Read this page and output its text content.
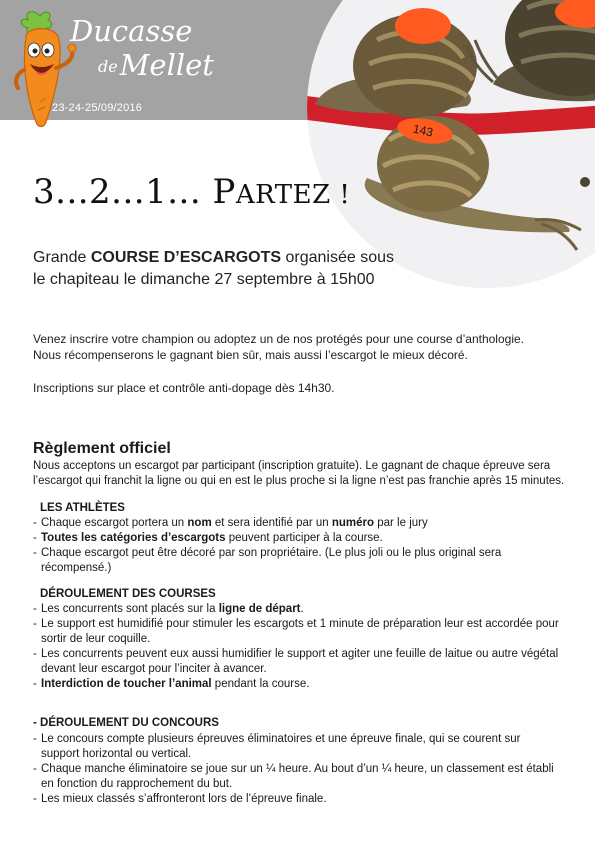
Ducasse
deMellet
23-24-25/09/2016
143
3...2...1... PARTEZ !

Grande COURSE D’ESCARGOTS organisée sous
le chapiteau le dimanche 27 septembre à 15h00

Venez inscrire votre champion ou adoptez un de nos protégés pour une course d’anthologie.
Nous récompenserons le gagnant bien sûr, mais aussi l’escargot le mieux décoré.

Inscriptions sur place et contrôle anti-dopage dès 14h30.

Règlement officiel

Nous acceptons un escargot par participant (inscription gratuite). Le gagnant de chaque épreuve sera
l’escargot qui franchit la ligne ou qui en est le plus proche si la ligne n’est pas franchie après 15 minutes.

LES ATHLÈTES
- Chaque escargot portera un nom et sera identifié par un numéro par le jury
- Toutes les catégories d’escargots peuvent participer à la course.
- Chaque escargot peut être décoré par son propriétaire. (Le plus joli ou le plus original sera récompensé.)
DÉROULEMENT DES COURSES
- Les concurrents sont placés sur la ligne de départ.
- Le support est humidifié pour stimuler les escargots et 1 minute de préparation leur est accordée pour
sortir de leur coquille.
- Les concurrents peuvent eux aussi humidifier le support et agiter une feuille de laitue ou autre végétal
devant leur escargot pour l’inciter à avancer.
- Interdiction de toucher l’animal pendant la course.
- DÉROULEMENT DU CONCOURS
- Le concours compte plusieurs épreuves éliminatoires et une épreuve finale, qui se courent sur
support horizontal ou vertical.
- Chaque manche éliminatoire se joue sur un ¼ heure. Au bout d’un ¼ heure, un classement est établi
en fonction du rapprochement du but.
- Les mieux classés s’affronteront lors de l’épreuve finale.
